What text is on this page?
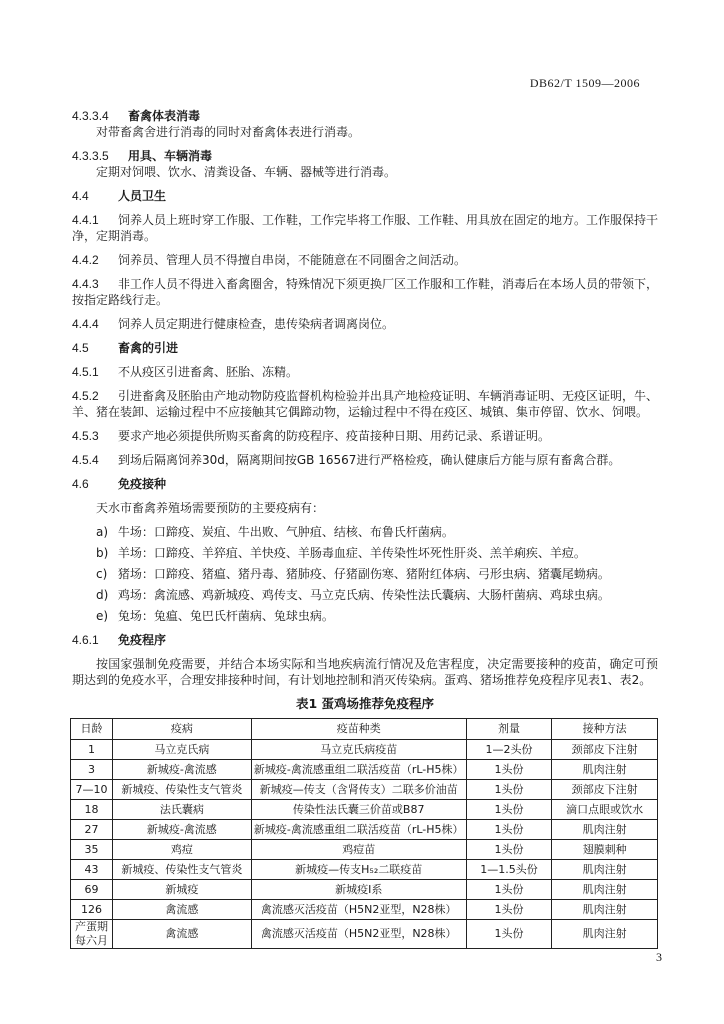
DB62/T 1509—2006
4.3.3.4 畜禽体表消毒
对带畜禽舍进行消毒的同时对畜禽体表进行消毒。
4.3.3.5 用具、车辆消毒
定期对饲喂、饮水、清粪设备、车辆、器械等进行消毒。
4.4 人员卫生
4.4.1 饲养人员上班时穿工作服、工作鞋，工作完毕将工作服、工作鞋、用具放在固定的地方。工作服保持干净，定期消毒。
4.4.2 饲养员、管理人员不得擅自串岗，不能随意在不同圈舍之间活动。
4.4.3 非工作人员不得进入畜禽圈舍，特殊情况下须更换厂区工作服和工作鞋，消毒后在本场人员的带领下，按指定路线行走。
4.4.4 饲养人员定期进行健康检查，患传染病者调离岗位。
4.5 畜禽的引进
4.5.1 不从疫区引进畜禽、胚胎、冻精。
4.5.2 引进畜禽及胚胎由产地动物防疫监督机构检验并出具产地检疫证明、车辆消毒证明、无疫区证明，牛、羊、猪在装卸、运输过程中不应接触其它偶蹄动物，运输过程中不得在疫区、城镇、集市停留、饮水、饲喂。
4.5.3 要求产地必须提供所购买畜禽的防疫程序、疫苗接种日期、用药记录、系谱证明。
4.5.4 到场后隔离饲养30d，隔离期间按GB 16567进行严格检疫，确认健康后方能与原有畜禽合群。
4.6 免疫接种
天水市畜禽养殖场需要预防的主要疫病有：
a) 牛场：口蹄疫、炭疽、牛出败、气肿疽、结核、布鲁氏杆菌病。
b) 羊场：口蹄疫、羊猝疽、羊快疫、羊肠毒血症、羊传染性坏死性肝炎、羔羊痢疾、羊痘。
c) 猪场：口蹄疫、猪瘟、猪丹毒、猪肺疫、仔猪副伤寒、猪附红体病、弓形虫病、猪囊尾蚴病。
d) 鸡场：禽流感、鸡新城疫、鸡传支、马立克氏病、传染性法氏囊病、大肠杆菌病、鸡球虫病。
e) 兔场：兔瘟、兔巴氏杆菌病、兔球虫病。
4.6.1 免疫程序
按国家强制免疫需要，并结合本场实际和当地疾病流行情况及危害程度，决定需要接种的疫苗，确定可预期达到的免疫水平，合理安排接种时间，有计划地控制和消灭传染病。蛋鸡、猪场推荐免疫程序见表1、表2。
表1 蛋鸡场推荐免疫程序
日龄	疫病	疫苗种类	剂量	接种方法
1	马立克氏病	马立克氏病疫苗	1—2头份	颈部皮下注射
3	新城疫-禽流感	新城疫-禽流感重组二联活疫苗（rL-H5株）	1头份	肌肉注射
7—10	新城疫、传染性支气管炎	新城疫—传支（含肾传支）二联多价油苗	1头份	颈部皮下注射
18	法氏囊病	传染性法氏囊三价苗或B87	1头份	滴口点眼或饮水
27	新城疫-禽流感	新城疫-禽流感重组二联活疫苗（rL-H5株）	1头份	肌肉注射
35	鸡痘	鸡痘苗	1头份	翅膜刺种
43	新城疫、传染性支气管炎	新城疫—传支H₅₂二联疫苗	1—1.5头份	肌肉注射
69	新城疫	新城疫Ⅰ系	1头份	肌肉注射
126	禽流感	禽流感灭活疫苗（H5N2亚型，N28株）	1头份	肌肉注射
产蛋期每六月	禽流感	禽流感灭活疫苗（H5N2亚型，N28株）	1头份	肌肉注射
3
